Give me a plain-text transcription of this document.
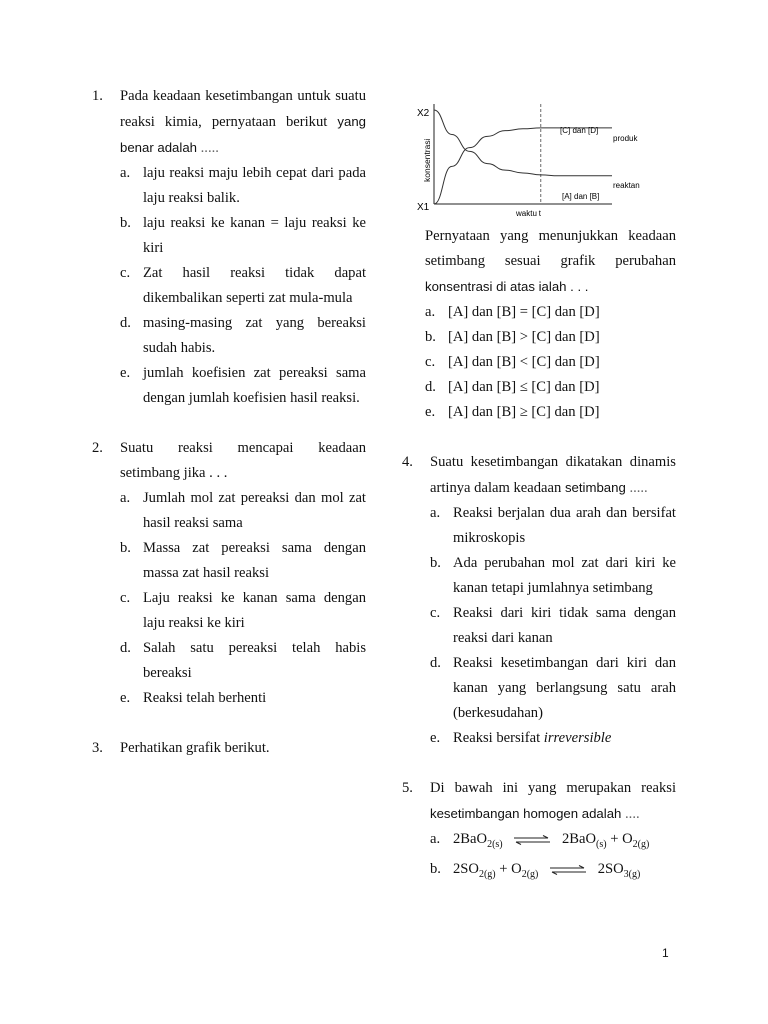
1. Pada keadaan kesetimbangan untuk suatu reaksi kimia, pernyataan berikut yang benar adalah .....
a. laju reaksi maju lebih cepat dari pada laju reaksi balik.
b. laju reaksi ke kanan = laju reaksi ke kiri
c. Zat hasil reaksi tidak dapat dikembalikan seperti zat mula-mula
d. masing-masing zat yang bereaksi sudah habis.
e. jumlah koefisien zat pereaksi sama dengan jumlah koefisien hasil reaksi.
2. Suatu reaksi mencapai keadaan setimbang jika . . .
a. Jumlah mol zat pereaksi dan mol zat hasil reaksi sama
b. Massa zat pereaksi sama dengan massa zat hasil reaksi
c. Laju reaksi ke kanan sama dengan laju reaksi ke kiri
d. Salah satu pereaksi telah habis bereaksi
e. Reaksi telah berhenti
3. Perhatikan grafik berikut.
X2
X1
konsentrasi
waktu t
[C] dan [D]
[A] dan [B]
produk
reaktan
Pernyataan yang menunjukkan keadaan setimbang sesuai grafik perubahan konsentrasi di atas ialah . . .
a. [A] dan [B] = [C] dan [D]
b. [A] dan [B] > [C] dan [D]
c. [A] dan [B] < [C] dan [D]
d. [A] dan [B] ≤ [C] dan [D]
e. [A] dan [B] ≥ [C] dan [D]
4. Suatu kesetimbangan dikatakan dinamis artinya dalam keadaan setimbang .....
a. Reaksi berjalan dua arah dan bersifat mikroskopis
b. Ada perubahan mol zat dari kiri ke kanan tetapi jumlahnya setimbang
c. Reaksi dari kiri tidak sama dengan reaksi dari kanan
d. Reaksi kesetimbangan dari kiri dan kanan yang berlangsung satu arah (berkesudahan)
e. Reaksi bersifat irreversible
5. Di bawah ini yang merupakan reaksi kesetimbangan homogen adalah ....
a. 2BaO$_{2(s)}$ ⇌ $2BaO_{(s)} + O_{2(g)}$
b. $2SO_{2(g)} + O_{2(g)}$ ⇌ $2SO_{3(g)}$
1
